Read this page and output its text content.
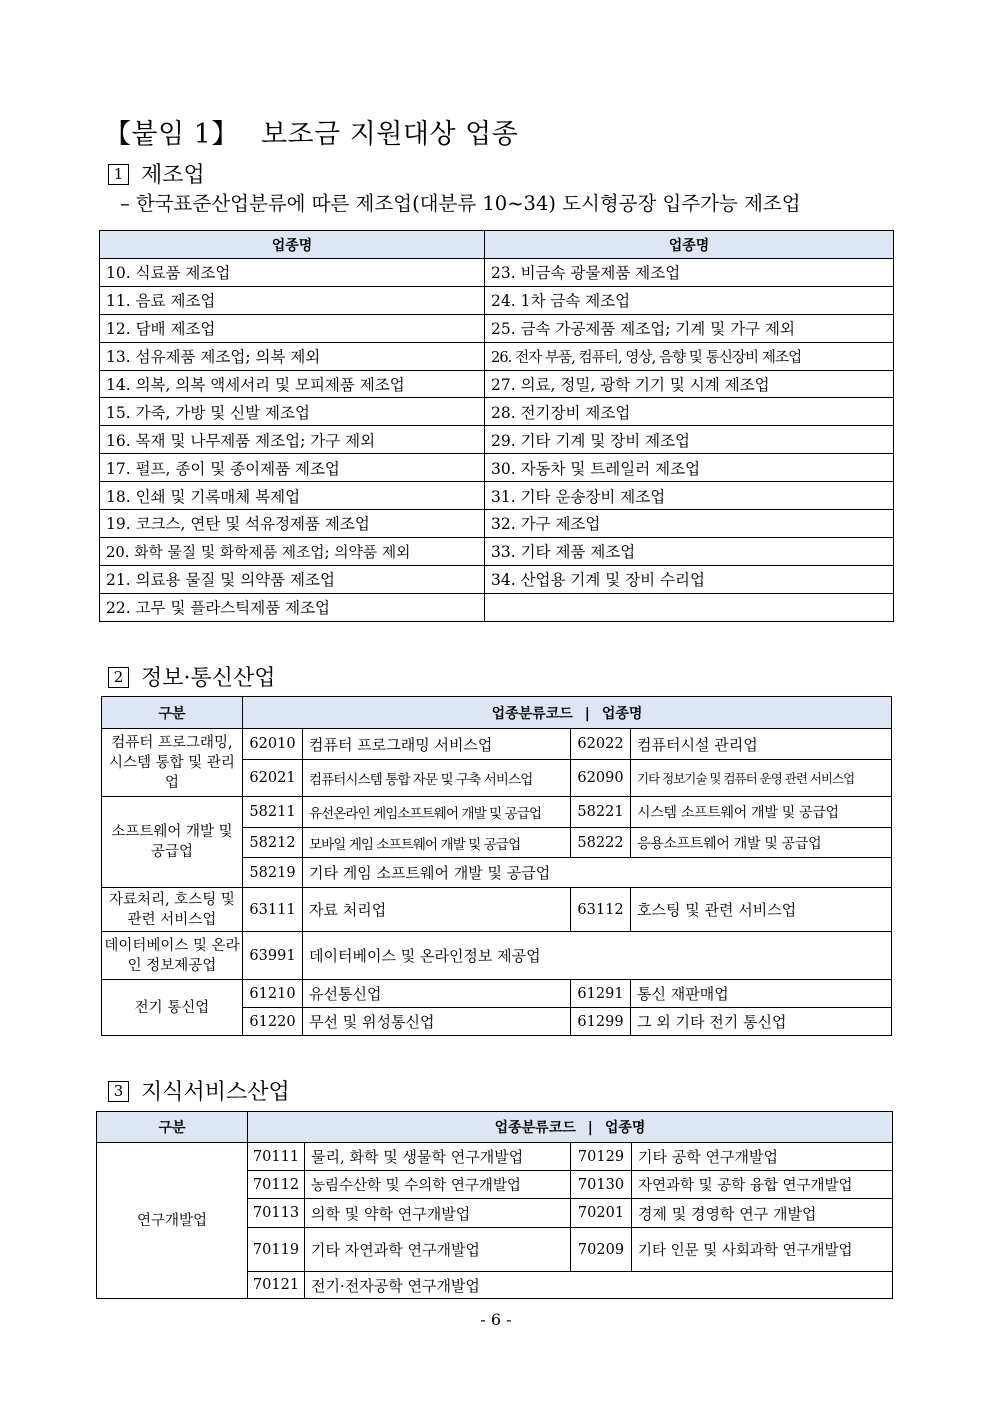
【붙임 1】 보조금 지원대상 업종
1 제조업
– 한국표준산업분류에 따른 제조업(대분류 10~34) 도시형공장 입주가능 제조업
업종명	업종명
10. 식료품 제조업	23. 비금속 광물제품 제조업
11. 음료 제조업	24. 1차 금속 제조업
12. 담배 제조업	25. 금속 가공제품 제조업; 기계 및 가구 제외
13. 섬유제품 제조업; 의복 제외	26. 전자 부품, 컴퓨터, 영상, 음향 및 통신장비 제조업
14. 의복, 의복 액세서리 및 모피제품 제조업	27. 의료, 정밀, 광학 기기 및 시계 제조업
15. 가죽, 가방 및 신발 제조업	28. 전기장비 제조업
16. 목재 및 나무제품 제조업; 가구 제외	29. 기타 기계 및 장비 제조업
17. 펄프, 종이 및 종이제품 제조업	30. 자동차 및 트레일러 제조업
18. 인쇄 및 기록매체 복제업	31. 기타 운송장비 제조업
19. 코크스, 연탄 및 석유정제품 제조업	32. 가구 제조업
20. 화학 물질 및 화학제품 제조업; 의약품 제외	33. 기타 제품 제조업
21. 의료용 물질 및 의약품 제조업	34. 산업용 기계 및 장비 수리업
22. 고무 및 플라스틱제품 제조업	
2 정보·통신산업
구분	업종분류코드 | 업종명			
컴퓨터 프로그래밍, 시스템 통합 및 관리업	62010	컴퓨터 프로그래밍 서비스업	62022	컴퓨터시설 관리업
	62021	컴퓨터시스템 통합 자문 및 구축 서비스업	62090	기타 정보기술 및 컴퓨터 운영 관련 서비스업
소프트웨어 개발 및 공급업	58211	유선온라인 게임소프트웨어 개발 및 공급업	58221	시스템 소프트웨어 개발 및 공급업
	58212	모바일 게임 소프트웨어 개발 및 공급업	58222	응용소프트웨어 개발 및 공급업
	58219	기타 게임 소프트웨어 개발 및 공급업		
자료처리, 호스팅 및 관련 서비스업	63111	자료 처리업	63112	호스팅 및 관련 서비스업
데이터베이스 및 온라인 정보제공업	63991	데이터베이스 및 온라인정보 제공업		
전기 통신업	61210	유선통신업	61291	통신 재판매업
	61220	무선 및 위성통신업	61299	그 외 기타 전기 통신업
3 지식서비스산업
구분	업종분류코드 | 업종명			
연구개발업	70111	물리, 화학 및 생물학 연구개발업	70129	기타 공학 연구개발업
	70112	농림수산학 및 수의학 연구개발업	70130	자연과학 및 공학 융합 연구개발업
	70113	의학 및 약학 연구개발업	70201	경제 및 경영학 연구 개발업
	70119	기타 자연과학 연구개발업	70209	기타 인문 및 사회과학 연구개발업
	70121	전기·전자공학 연구개발업		
- 6 -
